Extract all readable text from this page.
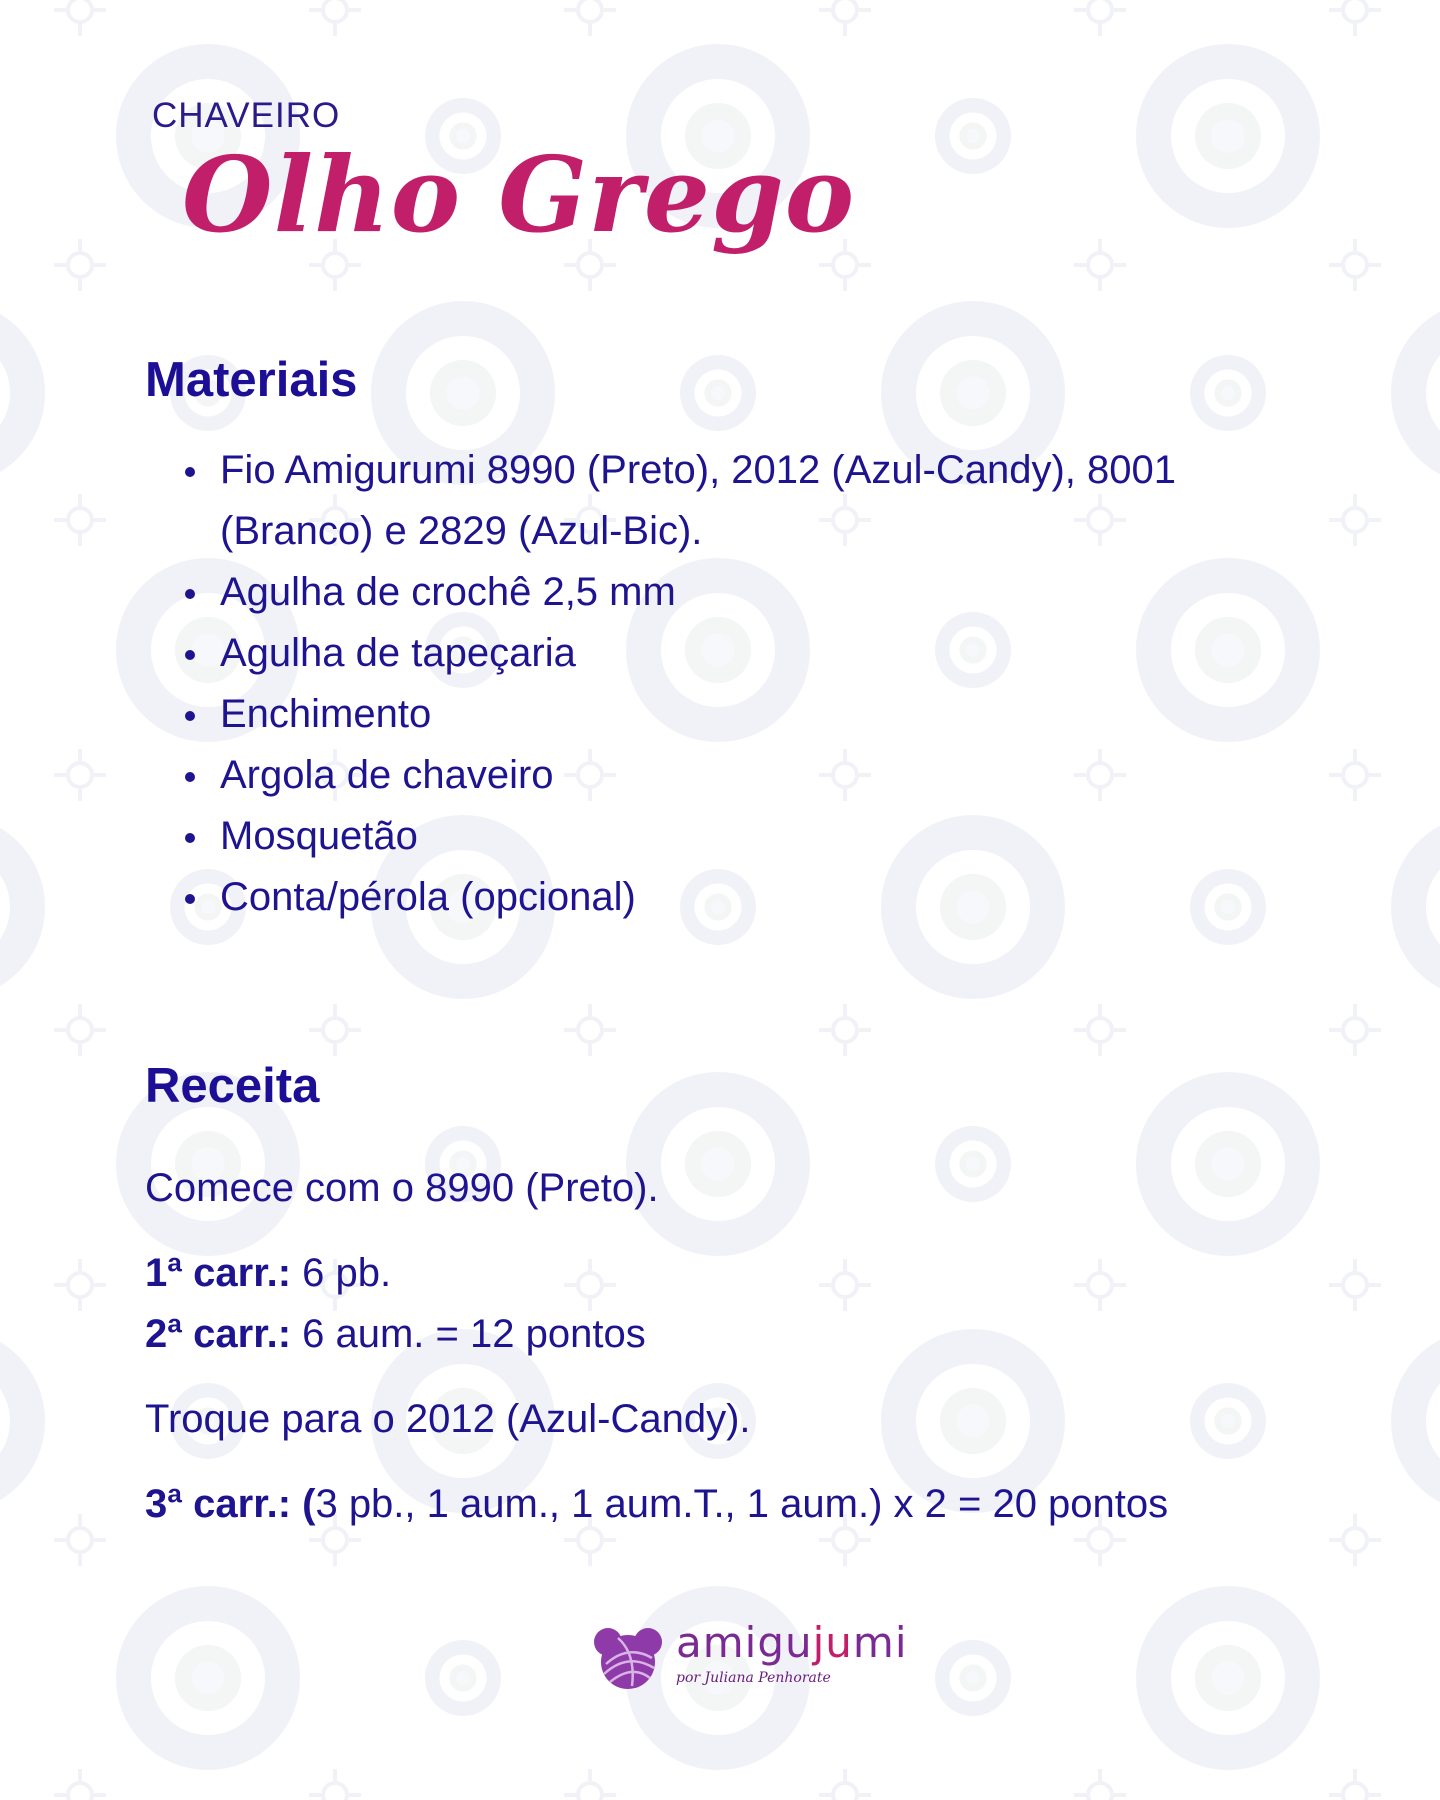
CHAVEIRO
Olho Grego
Materiais
Fio Amigurumi 8990 (Preto), 2012 (Azul-Candy), 8001 (Branco) e 2829 (Azul-Bic).
Agulha de crochê 2,5 mm
Agulha de tapeçaria
Enchimento
Argola de chaveiro
Mosquetão
Conta/pérola (opcional)
Receita
Comece com o 8990 (Preto).
1ª carr.: 6 pb.
2ª carr.: 6 aum. = 12 pontos
Troque para o 2012 (Azul-Candy).
3ª carr.: (3 pb., 1 aum., 1 aum.T., 1 aum.) x 2 = 20 pontos
amigujumi
por Juliana Penhorate
